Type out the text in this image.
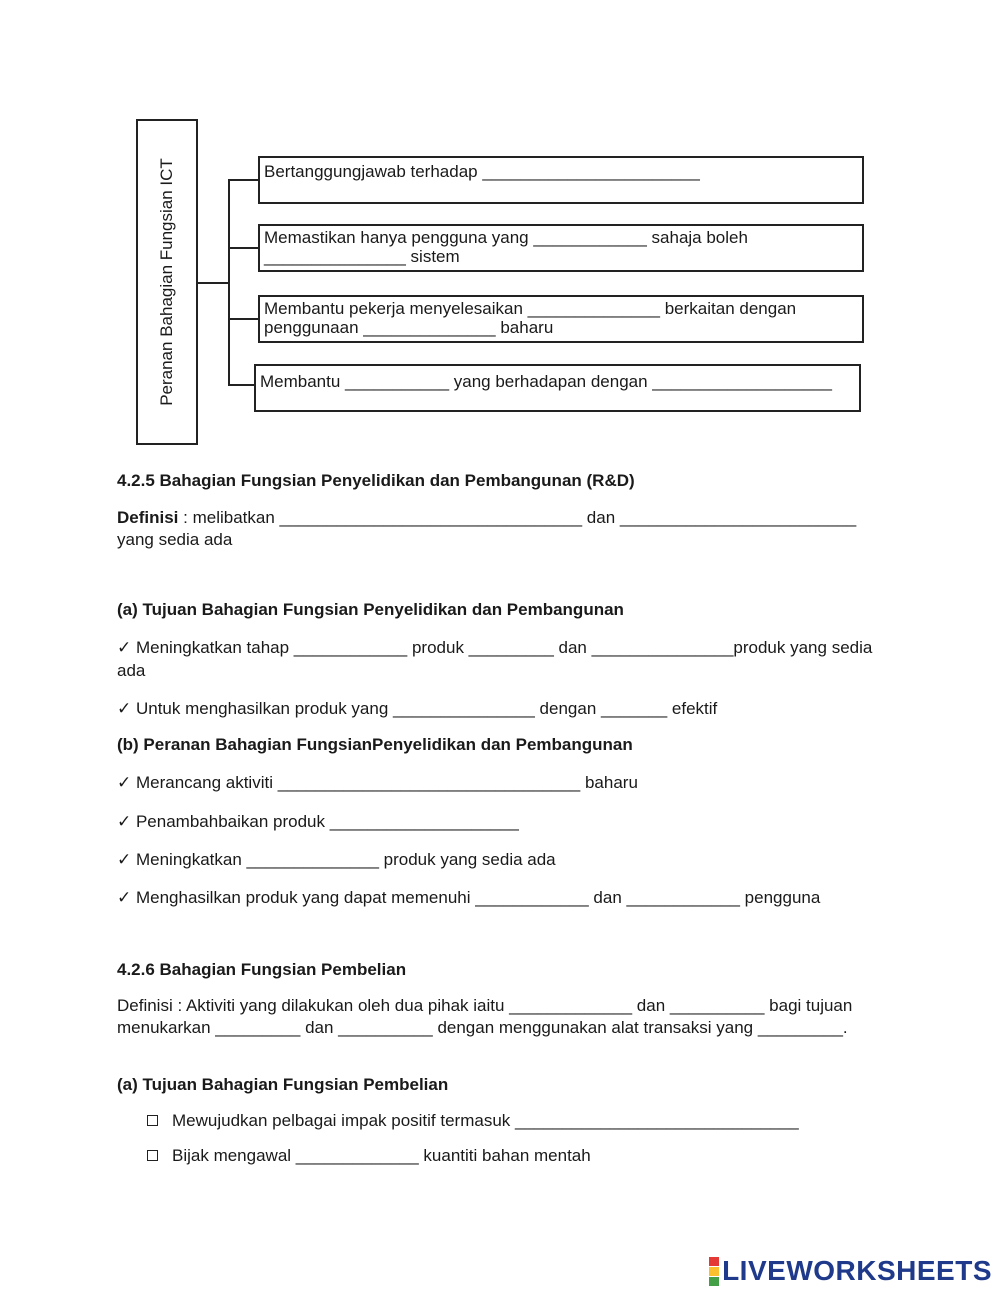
Peranan Bahagian Fungsian ICT	Bertanggungjawab terhadap _______________________
Memastikan hanya pengguna yang ____________ sahaja boleh _______________ sistem
Membantu pekerja menyelesaikan ______________ berkaitan dengan penggunaan ______________ baharu
Membantu ___________ yang berhadapan dengan ___________________
4.2.5 Bahagian Fungsian Penyelidikan dan Pembangunan (R&D)
Definisi : melibatkan ________________________________ dan _________________________ yang sedia ada
(a) Tujuan Bahagian Fungsian Penyelidikan dan Pembangunan
✓ Meningkatkan tahap ____________ produk _________ dan _______________produk yang sedia ada
✓ Untuk menghasilkan produk yang _______________ dengan _______ efektif
(b) Peranan Bahagian FungsianPenyelidikan dan Pembangunan
✓ Merancang aktiviti ________________________________ baharu
✓ Penambahbaikan produk ____________________
✓ Meningkatkan ______________ produk yang sedia ada
✓ Menghasilkan produk yang dapat memenuhi ____________ dan ____________ pengguna
4.2.6 Bahagian Fungsian Pembelian
Definisi : Aktiviti yang dilakukan oleh dua pihak iaitu _____________ dan __________ bagi tujuan menukarkan _________ dan __________ dengan menggunakan alat transaksi yang _________.
(a) Tujuan Bahagian Fungsian Pembelian
Mewujudkan pelbagai impak positif termasuk ______________________________
Bijak mengawal _____________ kuantiti bahan mentah
LIVEWORKSHEETS
